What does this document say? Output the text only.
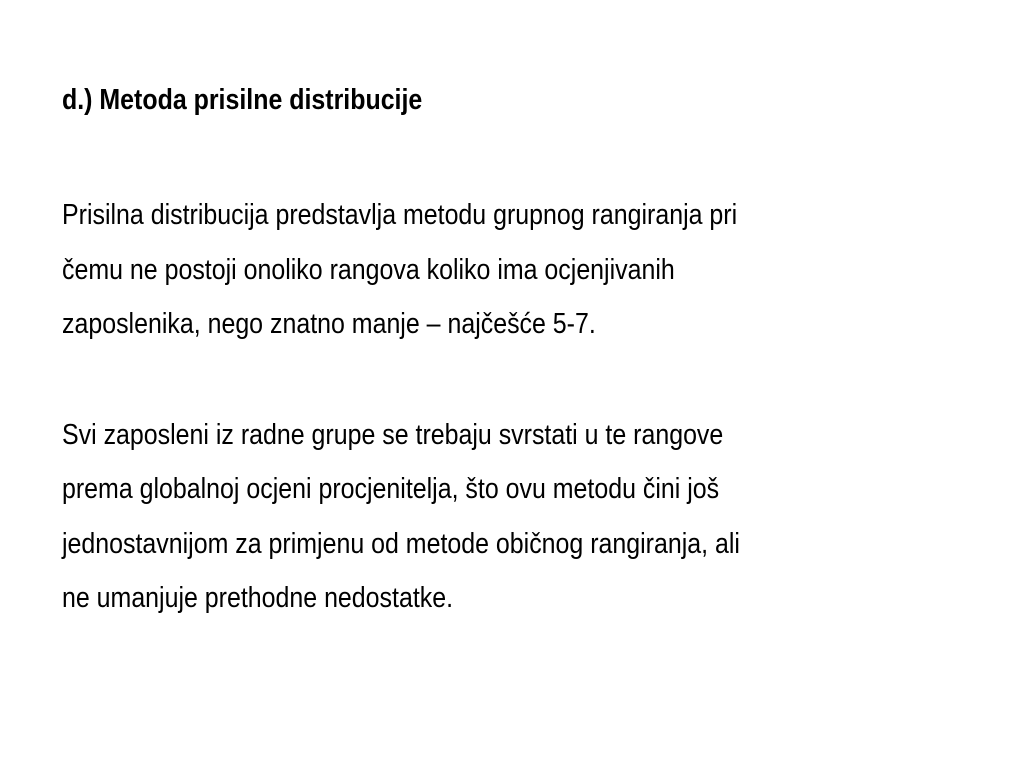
d.) Metoda prisilne distribucije

Prisilna distribucija predstavlja metodu grupnog rangiranja pri
čemu ne postoji onoliko rangova koliko ima ocjenjivanih
zaposlenika, nego znatno manje – najčešće 5-7.

Svi zaposleni iz radne grupe se trebaju svrstati u te rangove
prema globalnoj ocjeni procjenitelja, što ovu metodu čini još
jednostavnijom za primjenu od metode običnog rangiranja, ali
ne umanjuje prethodne nedostatke.
